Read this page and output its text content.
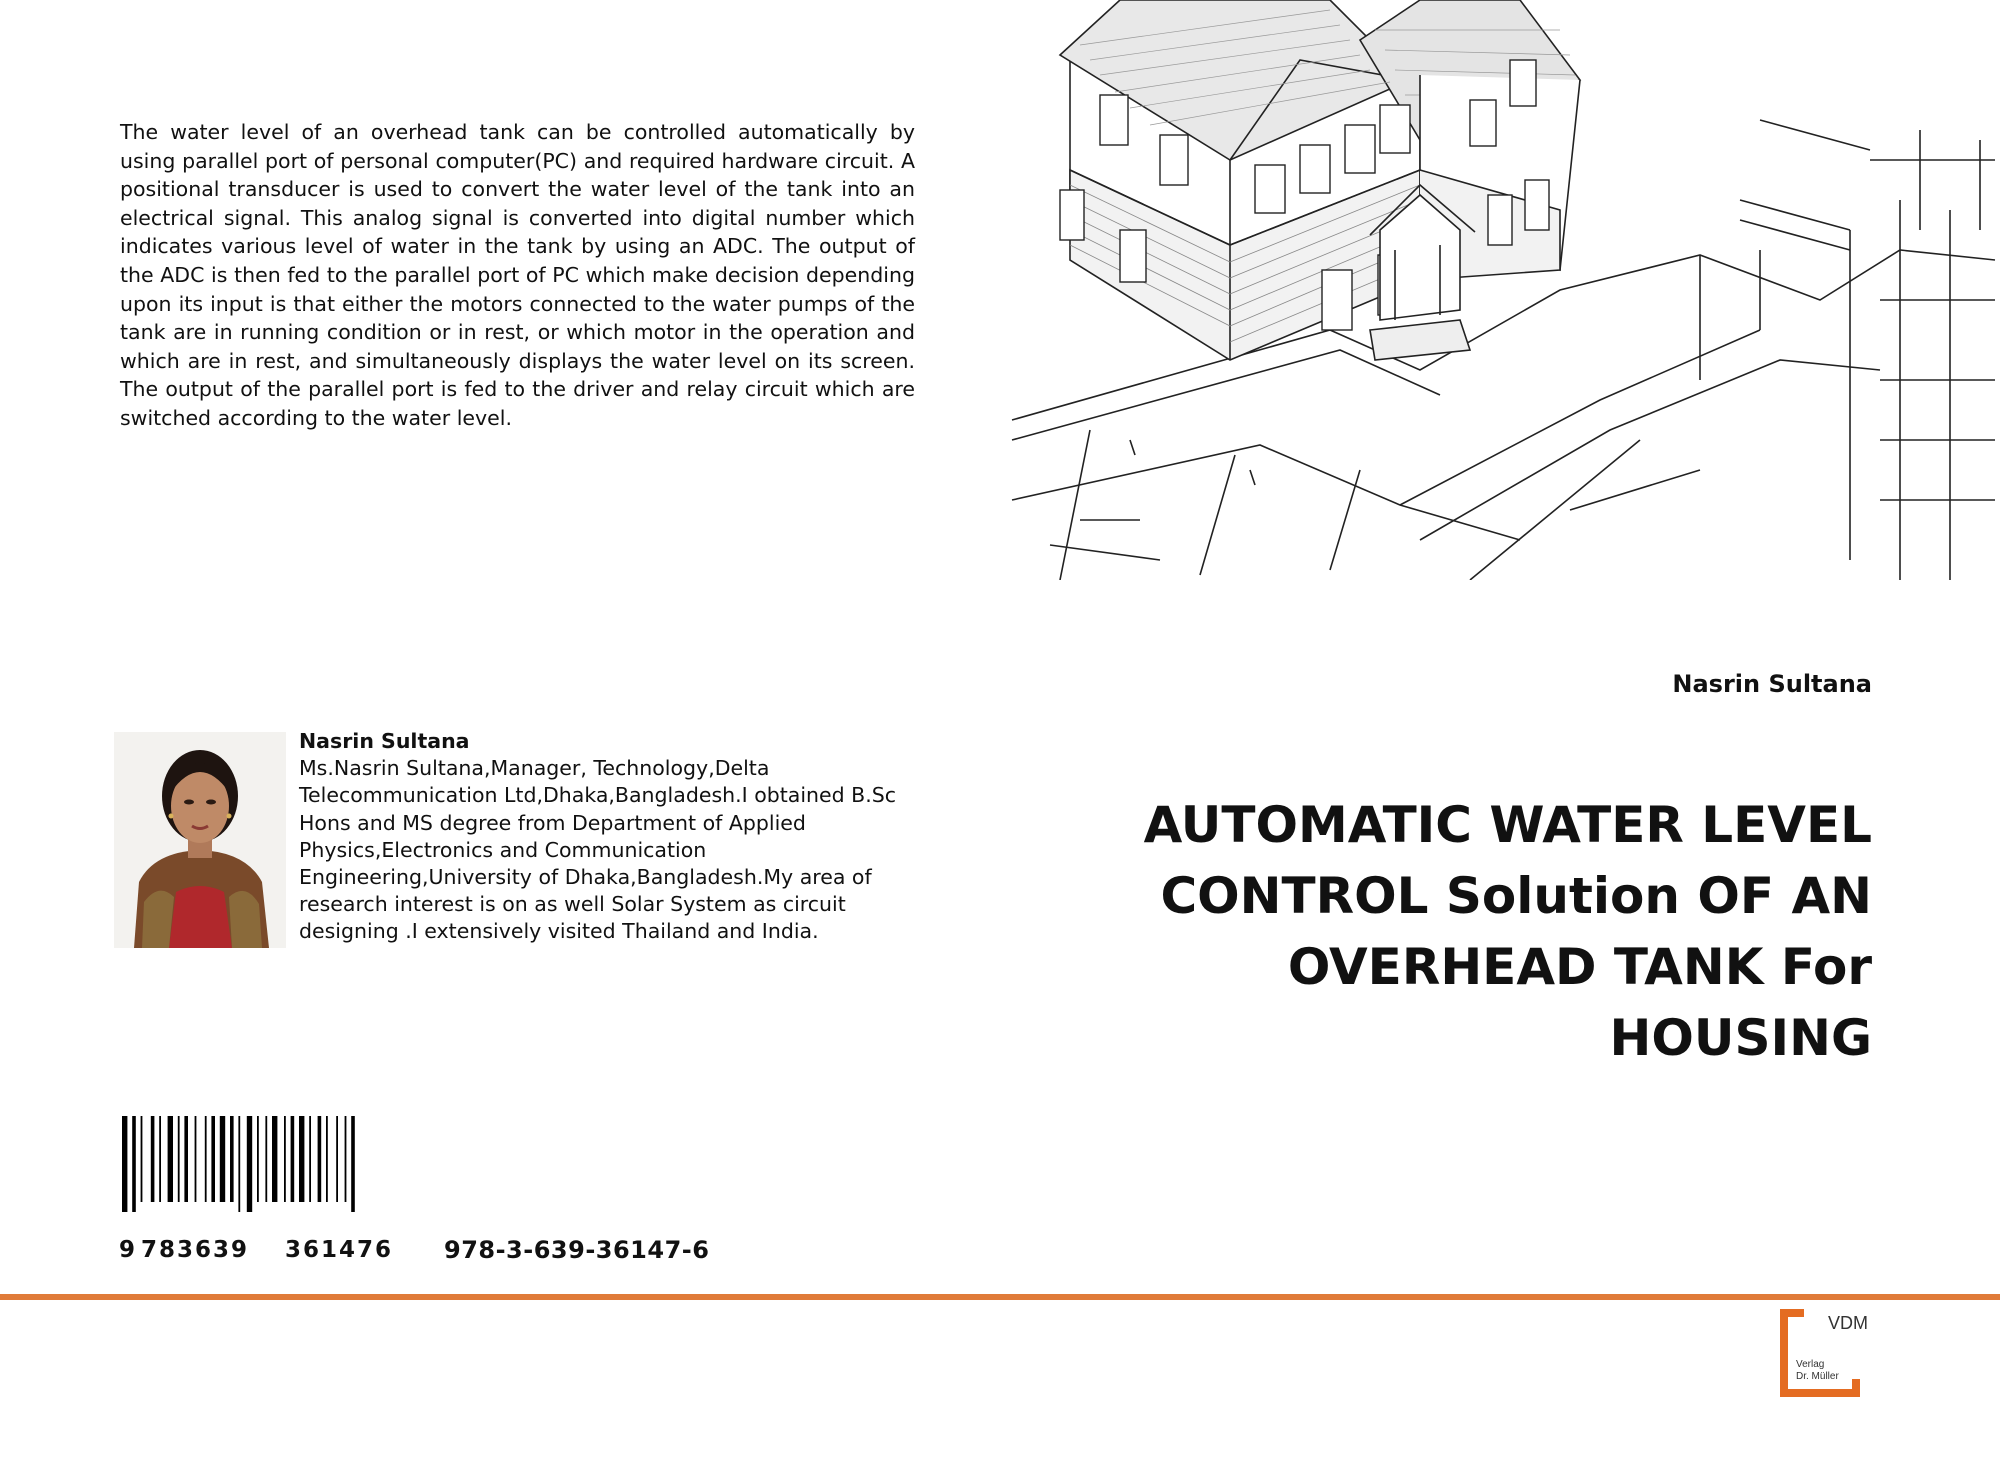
The water level of an overhead tank can be controlled automatically by using parallel port of personal computer(PC) and required hardware circuit. A positional transducer is used to convert the water level of the tank into an electrical signal. This analog signal is converted into digital number which indicates various level of water in the tank by using an ADC. The output of the ADC is then fed to the parallel port of PC which make decision depending upon its input is that either the motors connected to the water pumps of the tank are in running condition or in rest, or which motor in the operation and which are in rest, and simultaneously displays the water level on its screen. The output of the parallel port is fed to the driver and relay circuit which are switched according to the water level.

Nasrin Sultana
Ms.Nasrin Sultana,Manager, Technology,Delta Telecommunication Ltd,Dhaka,Bangladesh.I obtained B.Sc Hons and MS degree from Department of Applied Physics,Electronics and Communication Engineering,University of Dhaka,Bangladesh.My area of research interest is on as well Solar System as circuit designing .I extensively visited Thailand and India.
9 783639	361476	978-3-639-36147-6
Nasrin Sultana
AUTOMATIC WATER LEVEL CONTROL Solution OF AN OVERHEAD TANK For HOUSING
VDM
Verlag
Dr. Müller
